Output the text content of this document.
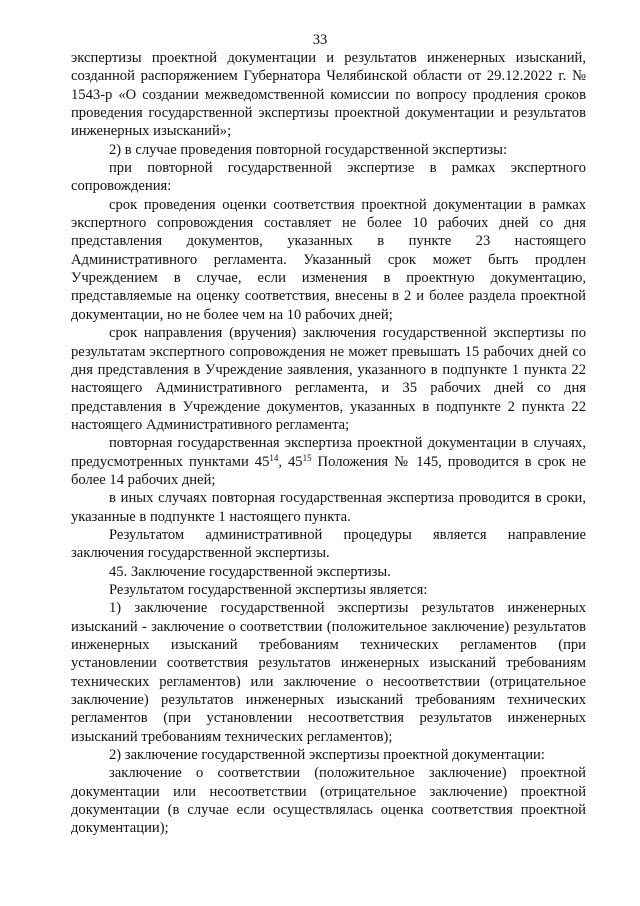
33

экспертизы проектной документации и результатов инженерных изысканий, созданной распоряжением Губернатора Челябинской области от 29.12.2022 г. № 1543-р «О создании межведомственной комиссии по вопросу продления сроков проведения государственной экспертизы проектной документации и результатов инженерных изысканий»;

2) в случае проведения повторной государственной экспертизы:

при повторной государственной экспертизе в рамках экспертного сопровождения:

срок проведения оценки соответствия проектной документации в рамках экспертного сопровождения составляет не более 10 рабочих дней со дня представления документов, указанных в пункте 23 настоящего Административного регламента. Указанный срок может быть продлен Учреждением в случае, если изменения в проектную документацию, представляемые на оценку соответствия, внесены в 2 и более раздела проектной документации, но не более чем на 10 рабочих дней;

срок направления (вручения) заключения государственной экспертизы по результатам экспертного сопровождения не может превышать 15 рабочих дней со дня представления в Учреждение заявления, указанного в подпункте 1 пункта 22 настоящего Административного регламента, и 35 рабочих дней со дня представления в Учреждение документов, указанных в подпункте 2 пункта 22 настоящего Административного регламента;

повторная государственная экспертиза проектной документации в случаях, предусмотренных пунктами $45^{14}$, $45^{15}$ Положения № 145, проводится в срок не более 14 рабочих дней;

в иных случаях повторная государственная экспертиза проводится в сроки, указанные в подпункте 1 настоящего пункта.

Результатом административной процедуры является направление заключения государственной экспертизы.

45. Заключение государственной экспертизы.

Результатом государственной экспертизы является:

1) заключение государственной экспертизы результатов инженерных изысканий - заключение о соответствии (положительное заключение) результатов инженерных изысканий требованиям технических регламентов (при установлении соответствия результатов инженерных изысканий требованиям технических регламентов) или заключение о несоответствии (отрицательное заключение) результатов инженерных изысканий требованиям технических регламентов (при установлении несоответствия результатов инженерных изысканий требованиям технических регламентов);

2) заключение государственной экспертизы проектной документации:

заключение о соответствии (положительное заключение) проектной документации или несоответствии (отрицательное заключение) проектной документации (в случае если осуществлялась оценка соответствия проектной документации);
